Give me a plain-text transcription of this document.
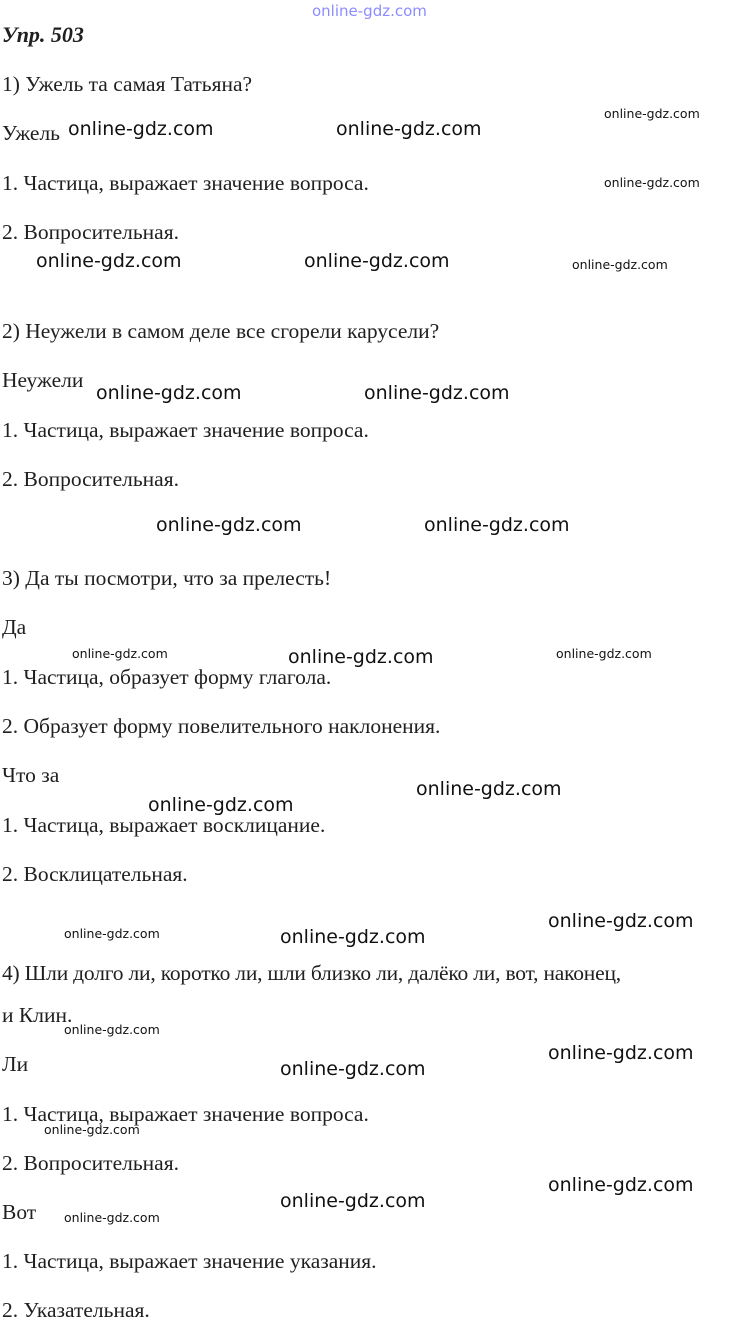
online-gdz.com
Упр. 503
1) Ужель та самая Татьяна?
Ужель
1. Частица, выражает значение вопроса.
2. Вопросительная.
2) Неужели в самом деле все сгорели карусели?
Неужели
1. Частица, выражает значение вопроса.
2. Вопросительная.
3) Да ты посмотри, что за прелесть!
Да
1. Частица, образует форму глагола.
2. Образует форму повелительного наклонения.
Что за
1. Частица, выражает восклицание.
2. Восклицательная.
4) Шли долго ли, коротко ли, шли близко ли, далёко ли, вот, наконец,
и Клин.
Ли
1. Частица, выражает значение вопроса.
2. Вопросительная.
Вот
1. Частица, выражает значение указания.
2. Указательная.
online-gdz.com	online-gdz.com
online-gdz.com
online-gdz.com
online-gdz.com	online-gdz.com	online-gdz.com
online-gdz.com	online-gdz.com
online-gdz.com	online-gdz.com
online-gdz.com	online-gdz.com	online-gdz.com
online-gdz.com
online-gdz.com
online-gdz.com
online-gdz.com	online-gdz.com
online-gdz.com
online-gdz.com
online-gdz.com
online-gdz.com
online-gdz.com
online-gdz.com
online-gdz.com
